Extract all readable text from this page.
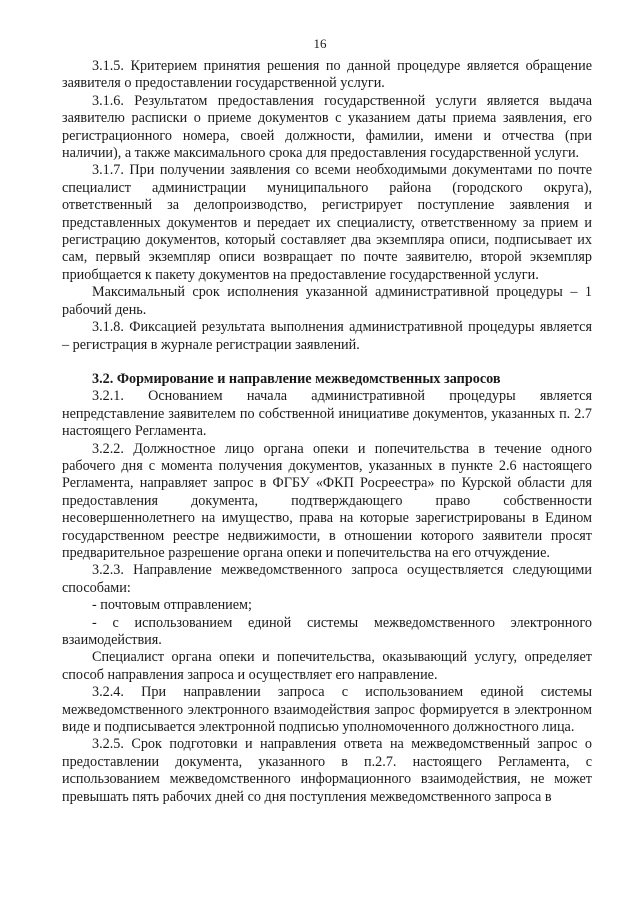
16

3.1.5. Критерием принятия решения по данной процедуре является обращение заявителя о предоставлении государственной услуги.

3.1.6. Результатом предоставления государственной услуги является выдача заявителю расписки о приеме документов с указанием даты приема заявления, его регистрационного номера, своей должности, фамилии, имени и отчества (при наличии), а также максимального срока для предоставления государственной услуги.

3.1.7. При получении заявления со всеми необходимыми документами по почте специалист администрации муниципального района (городского округа), ответственный за делопроизводство, регистрирует поступление заявления и представленных документов и передает их специалисту, ответственному за прием и регистрацию документов, который составляет два экземпляра описи, подписывает их сам, первый экземпляр описи возвращает по почте заявителю, второй экземпляр приобщается к пакету документов на предоставление государственной услуги.

Максимальный срок исполнения указанной административной процедуры – 1 рабочий день.

3.1.8. Фиксацией результата выполнения административной процедуры является – регистрация в журнале регистрации заявлений.

3.2. Формирование и направление межведомственных запросов

3.2.1. Основанием начала административной процедуры является непредставление заявителем по собственной инициативе документов, указанных п. 2.7 настоящего Регламента.

3.2.2. Должностное лицо органа опеки и попечительства в течение одного рабочего дня с момента получения документов, указанных в пункте 2.6 настоящего Регламента, направляет запрос в ФГБУ «ФКП Росреестра» по Курской области для предоставления документа, подтверждающего право собственности несовершеннолетнего на имущество, права на которые зарегистрированы в Едином государственном реестре недвижимости, в отношении которого заявители просят предварительное разрешение органа опеки и попечительства на его отчуждение.

3.2.3. Направление межведомственного запроса осуществляется следующими способами:

- почтовым отправлением;

- с использованием единой системы межведомственного электронного взаимодействия.

Специалист органа опеки и попечительства, оказывающий услугу, определяет способ направления запроса и осуществляет его направление.

3.2.4. При направлении запроса с использованием единой системы межведомственного электронного взаимодействия запрос формируется в электронном виде и подписывается электронной подписью уполномоченного должностного лица.

3.2.5. Срок подготовки и направления ответа на межведомственный запрос о предоставлении документа, указанного в п.2.7. настоящего Регламента, с использованием межведомственного информационного взаимодействия, не может превышать пять рабочих дней со дня поступления межведомственного запроса в
